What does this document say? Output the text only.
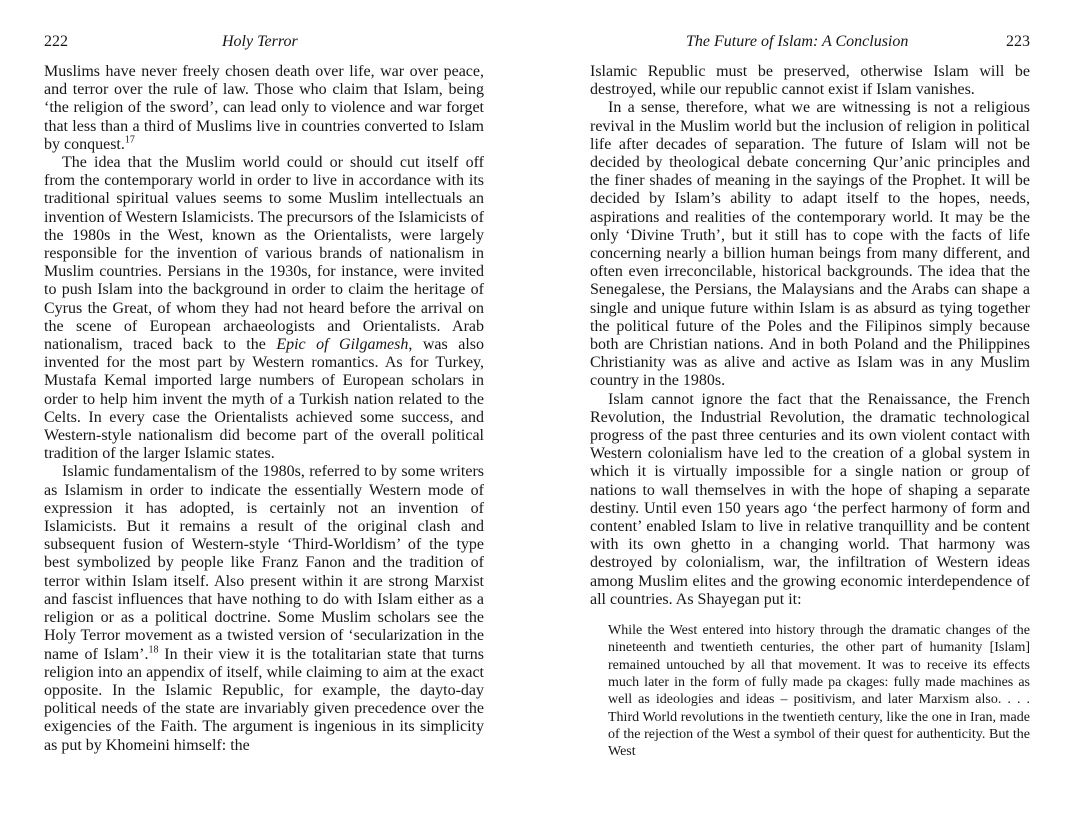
222	Holy Terror

Muslims have never freely chosen death over life, war over peace, and terror over the rule of law. Those who claim that Islam, being ‘the religion of the sword’, can lead only to violence and war forget that less than a third of Muslims live in countries converted to Islam by conquest.$^{17}$

The idea that the Muslim world could or should cut itself off from the contemporary world in order to live in accordance with its traditional spiritual values seems to some Muslim intellectuals an invention of Western Islamicists. The precursors of the Islamicists of the 1980s in the West, known as the Orientalists, were largely responsible for the invention of various brands of nationalism in Muslim countries. Persians in the 1930s, for instance, were invited to push Islam into the background in order to claim the heritage of Cyrus the Great, of whom they had not heard before the arrival on the scene of European archaeologists and Orientalists. Arab nationalism, traced back to the Epic of Gilgamesh, was also invented for the most part by Western romantics. As for Turkey, Mustafa Kemal imported large numbers of European scholars in order to help him invent the myth of a Turkish nation related to the Celts. In every case the Orientalists achieved some success, and Western-style nationalism did become part of the overall political tradition of the larger Islamic states.

Islamic fundamentalism of the 1980s, referred to by some writers as Islamism in order to indicate the essentially Western mode of expression it has adopted, is certainly not an invention of Islamicists. But it remains a result of the original clash and subsequent fusion of Western-style ‘Third-Worldism’ of the type best symbolized by people like Franz Fanon and the tradition of terror within Islam itself. Also present within it are strong Marxist and fascist influences that have nothing to do with Islam either as a religion or as a political doctrine. Some Muslim scholars see the Holy Terror movement as a twisted version of ‘secularization in the name of Islam’.$^{18}$ In their view it is the totalitarian state that turns religion into an appendix of itself, while claiming to aim at the exact opposite. In the Islamic Republic, for example, the dayto-day political needs of the state are invariably given precedence over the exigencies of the Faith. The argument is ingenious in its simplicity as put by Khomeini himself: the

The Future of Islam: A Conclusion	223

Islamic Republic must be preserved, otherwise Islam will be destroyed, while our republic cannot exist if Islam vanishes.

In a sense, therefore, what we are witnessing is not a religious revival in the Muslim world but the inclusion of religion in political life after decades of separation. The future of Islam will not be decided by theological debate concerning Qur’anic principles and the finer shades of meaning in the sayings of the Prophet. It will be decided by Islam’s ability to adapt itself to the hopes, needs, aspirations and realities of the contemporary world. It may be the only ‘Divine Truth’, but it still has to cope with the facts of life concerning nearly a billion human beings from many different, and often even irreconcilable, historical backgrounds. The idea that the Senegalese, the Persians, the Malaysians and the Arabs can shape a single and unique future within Islam is as absurd as tying together the political future of the Poles and the Filipinos simply because both are Christian nations. And in both Poland and the Philippines Christianity was as alive and active as Islam was in any Muslim country in the 1980s.

Islam cannot ignore the fact that the Renaissance, the French Revolution, the Industrial Revolution, the dramatic technological progress of the past three centuries and its own violent contact with Western colonialism have led to the creation of a global system in which it is virtually impossible for a single nation or group of nations to wall themselves in with the hope of shaping a separate destiny. Until even 150 years ago ‘the perfect harmony of form and content’ enabled Islam to live in relative tranquillity and be content with its own ghetto in a changing world. That harmony was destroyed by colonialism, war, the infiltration of Western ideas among Muslim elites and the growing economic interdependence of all countries. As Shayegan put it:

While the West entered into history through the dramatic changes of the nineteenth and twentieth centuries, the other part of humanity [Islam] remained untouched by all that movement. It was to receive its effects much later in the form of fully made pa ckages: fully made machines as well as ideologies and ideas – positivism, and later Marxism also. . . . Third World revolutions in the twentieth century, like the one in Iran, made of the rejection of the West a symbol of their quest for authenticity. But the West
